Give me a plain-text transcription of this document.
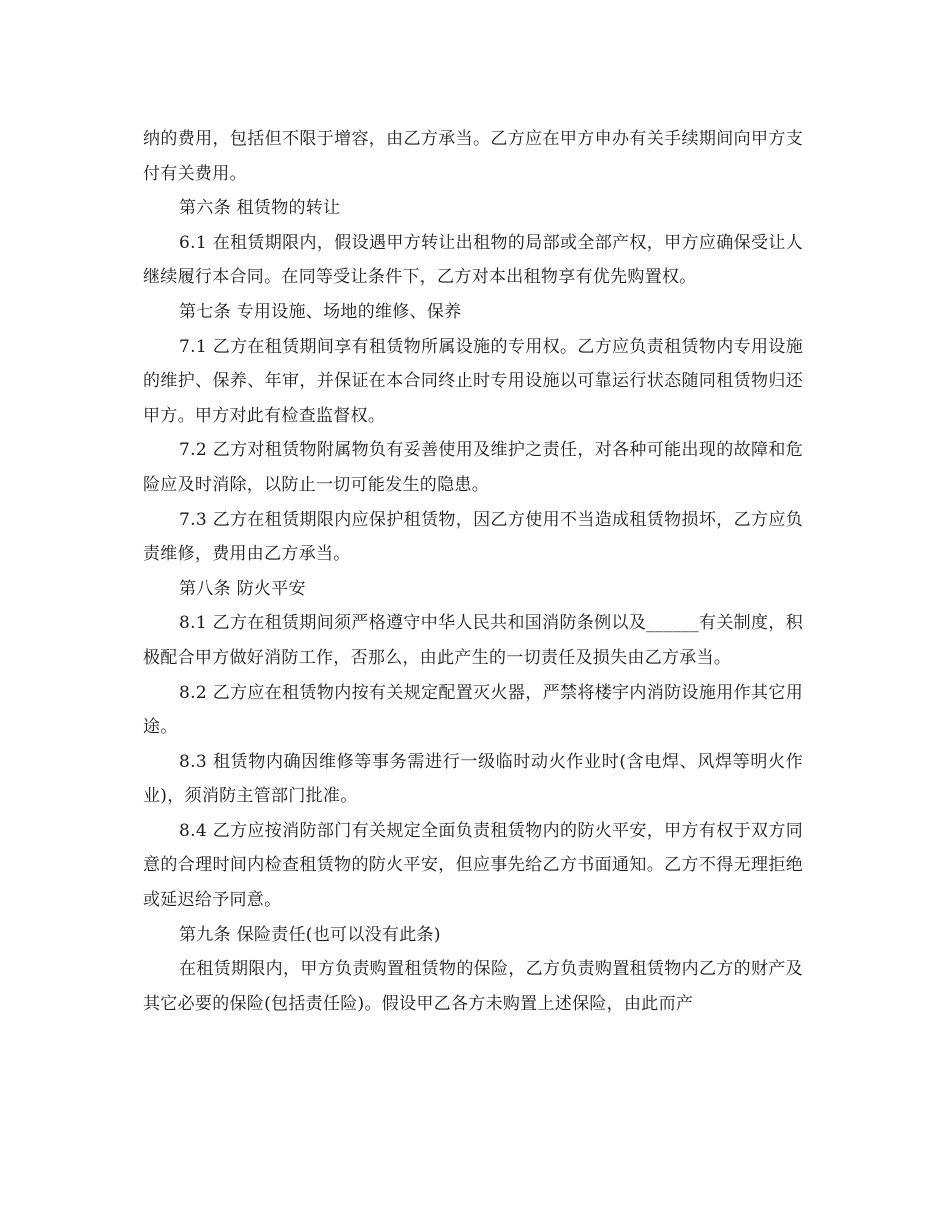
纳的费用，包括但不限于增容，由乙方承当。乙方应在甲方申办有关手续期间向甲方支付有关费用。

第六条 租赁物的转让

6.1 在租赁期限内，假设遇甲方转让出租物的局部或全部产权，甲方应确保受让人继续履行本合同。在同等受让条件下，乙方对本出租物享有优先购置权。

第七条 专用设施、场地的维修、保养

7.1 乙方在租赁期间享有租赁物所属设施的专用权。乙方应负责租赁物内专用设施的维护、保养、年审，并保证在本合同终止时专用设施以可靠运行状态随同租赁物归还甲方。甲方对此有检查监督权。

7.2 乙方对租赁物附属物负有妥善使用及维护之责任，对各种可能出现的故障和危险应及时消除，以防止一切可能发生的隐患。

7.3 乙方在租赁期限内应保护租赁物，因乙方使用不当造成租赁物损坏，乙方应负责维修，费用由乙方承当。

第八条 防火平安

8.1 乙方在租赁期间须严格遵守中华人民共和国消防条例以及______有关制度，积极配合甲方做好消防工作，否那么，由此产生的一切责任及损失由乙方承当。

8.2 乙方应在租赁物内按有关规定配置灭火器，严禁将楼宇内消防设施用作其它用途。

8.3 租赁物内确因维修等事务需进行一级临时动火作业时(含电焊、风焊等明火作业)，须消防主管部门批准。

8.4 乙方应按消防部门有关规定全面负责租赁物内的防火平安，甲方有权于双方同意的合理时间内检查租赁物的防火平安，但应事先给乙方书面通知。乙方不得无理拒绝或延迟给予同意。

第九条 保险责任(也可以没有此条)

在租赁期限内，甲方负责购置租赁物的保险，乙方负责购置租赁物内乙方的财产及其它必要的保险(包括责任险)。假设甲乙各方未购置上述保险，由此而产
